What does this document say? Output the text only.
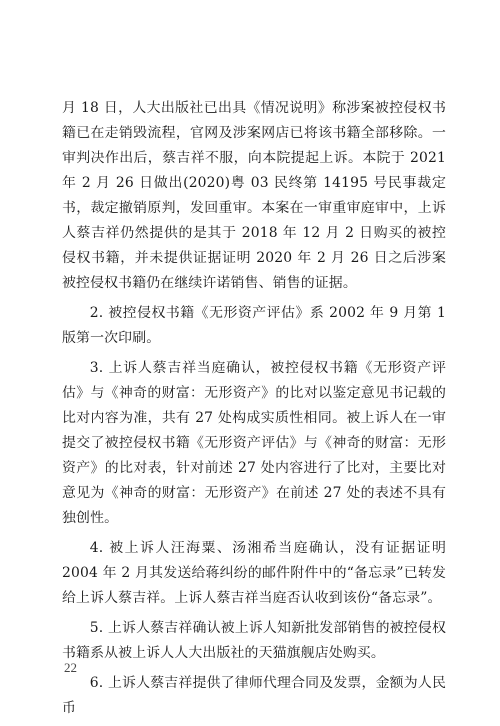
月 18 日，人大出版社已出具《情况说明》称涉案被控侵权书籍已在走销毁流程，官网及涉案网店已将该书籍全部移除。一审判决作出后，蔡吉祥不服，向本院提起上诉。本院于 2021 年 2 月 26 日做出(2020)粤 03 民终第 14195 号民事裁定书，裁定撤销原判，发回重审。本案在一审重审庭审中，上诉人蔡吉祥仍然提供的是其于 2018 年 12 月 2 日购买的被控侵权书籍，并未提供证据证明 2020 年 2 月 26 日之后涉案被控侵权书籍仍在继续许诺销售、销售的证据。

2. 被控侵权书籍《无形资产评估》系 2002 年 9 月第 1 版第一次印刷。

3. 上诉人蔡吉祥当庭确认，被控侵权书籍《无形资产评估》与《神奇的财富：无形资产》的比对以鉴定意见书记载的比对内容为准，共有 27 处构成实质性相同。被上诉人在一审提交了被控侵权书籍《无形资产评估》与《神奇的财富：无形资产》的比对表，针对前述 27 处内容进行了比对，主要比对意见为《神奇的财富：无形资产》在前述 27 处的表述不具有独创性。

4. 被上诉人汪海粟、汤湘希当庭确认，没有证据证明 2004 年 2 月其发送给蒋纠纷的邮件附件中的“备忘录”已转发给上诉人蔡吉祥。上诉人蔡吉祥当庭否认收到该份“备忘录”。

5. 上诉人蔡吉祥确认被上诉人知新批发部销售的被控侵权书籍系从被上诉人人大出版社的天猫旗舰店处购买。

6. 上诉人蔡吉祥提供了律师代理合同及发票，金额为人民币

22
